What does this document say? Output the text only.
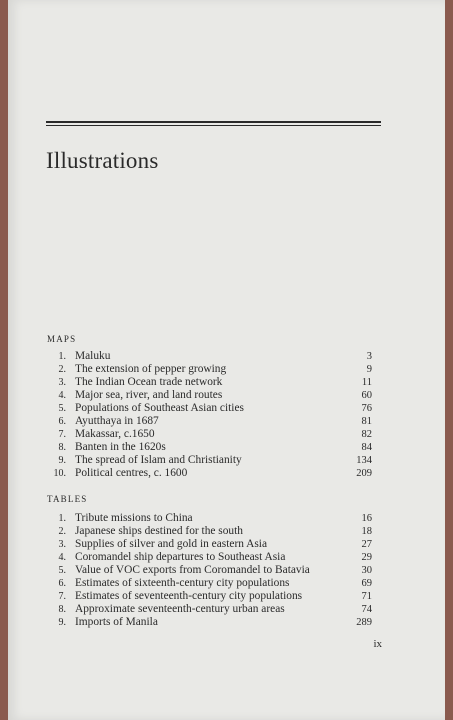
Illustrations

MAPS

1. Maluku	3
2. The extension of pepper growing	9
3. The Indian Ocean trade network	11
4. Major sea, river, and land routes	60
5. Populations of Southeast Asian cities	76
6. Ayutthaya in 1687	81
7. Makassar, c.1650	82
8. Banten in the 1620s	84
9. The spread of Islam and Christianity	134
10. Political centres, c. 1600	209

TABLES

1. Tribute missions to China	16
2. Japanese ships destined for the south	18
3. Supplies of silver and gold in eastern Asia	27
4. Coromandel ship departures to Southeast Asia	29
5. Value of VOC exports from Coromandel to Batavia	30
6. Estimates of sixteenth-century city populations	69
7. Estimates of seventeenth-century city populations	71
8. Approximate seventeenth-century urban areas	74
9. Imports of Manila	289
ix
